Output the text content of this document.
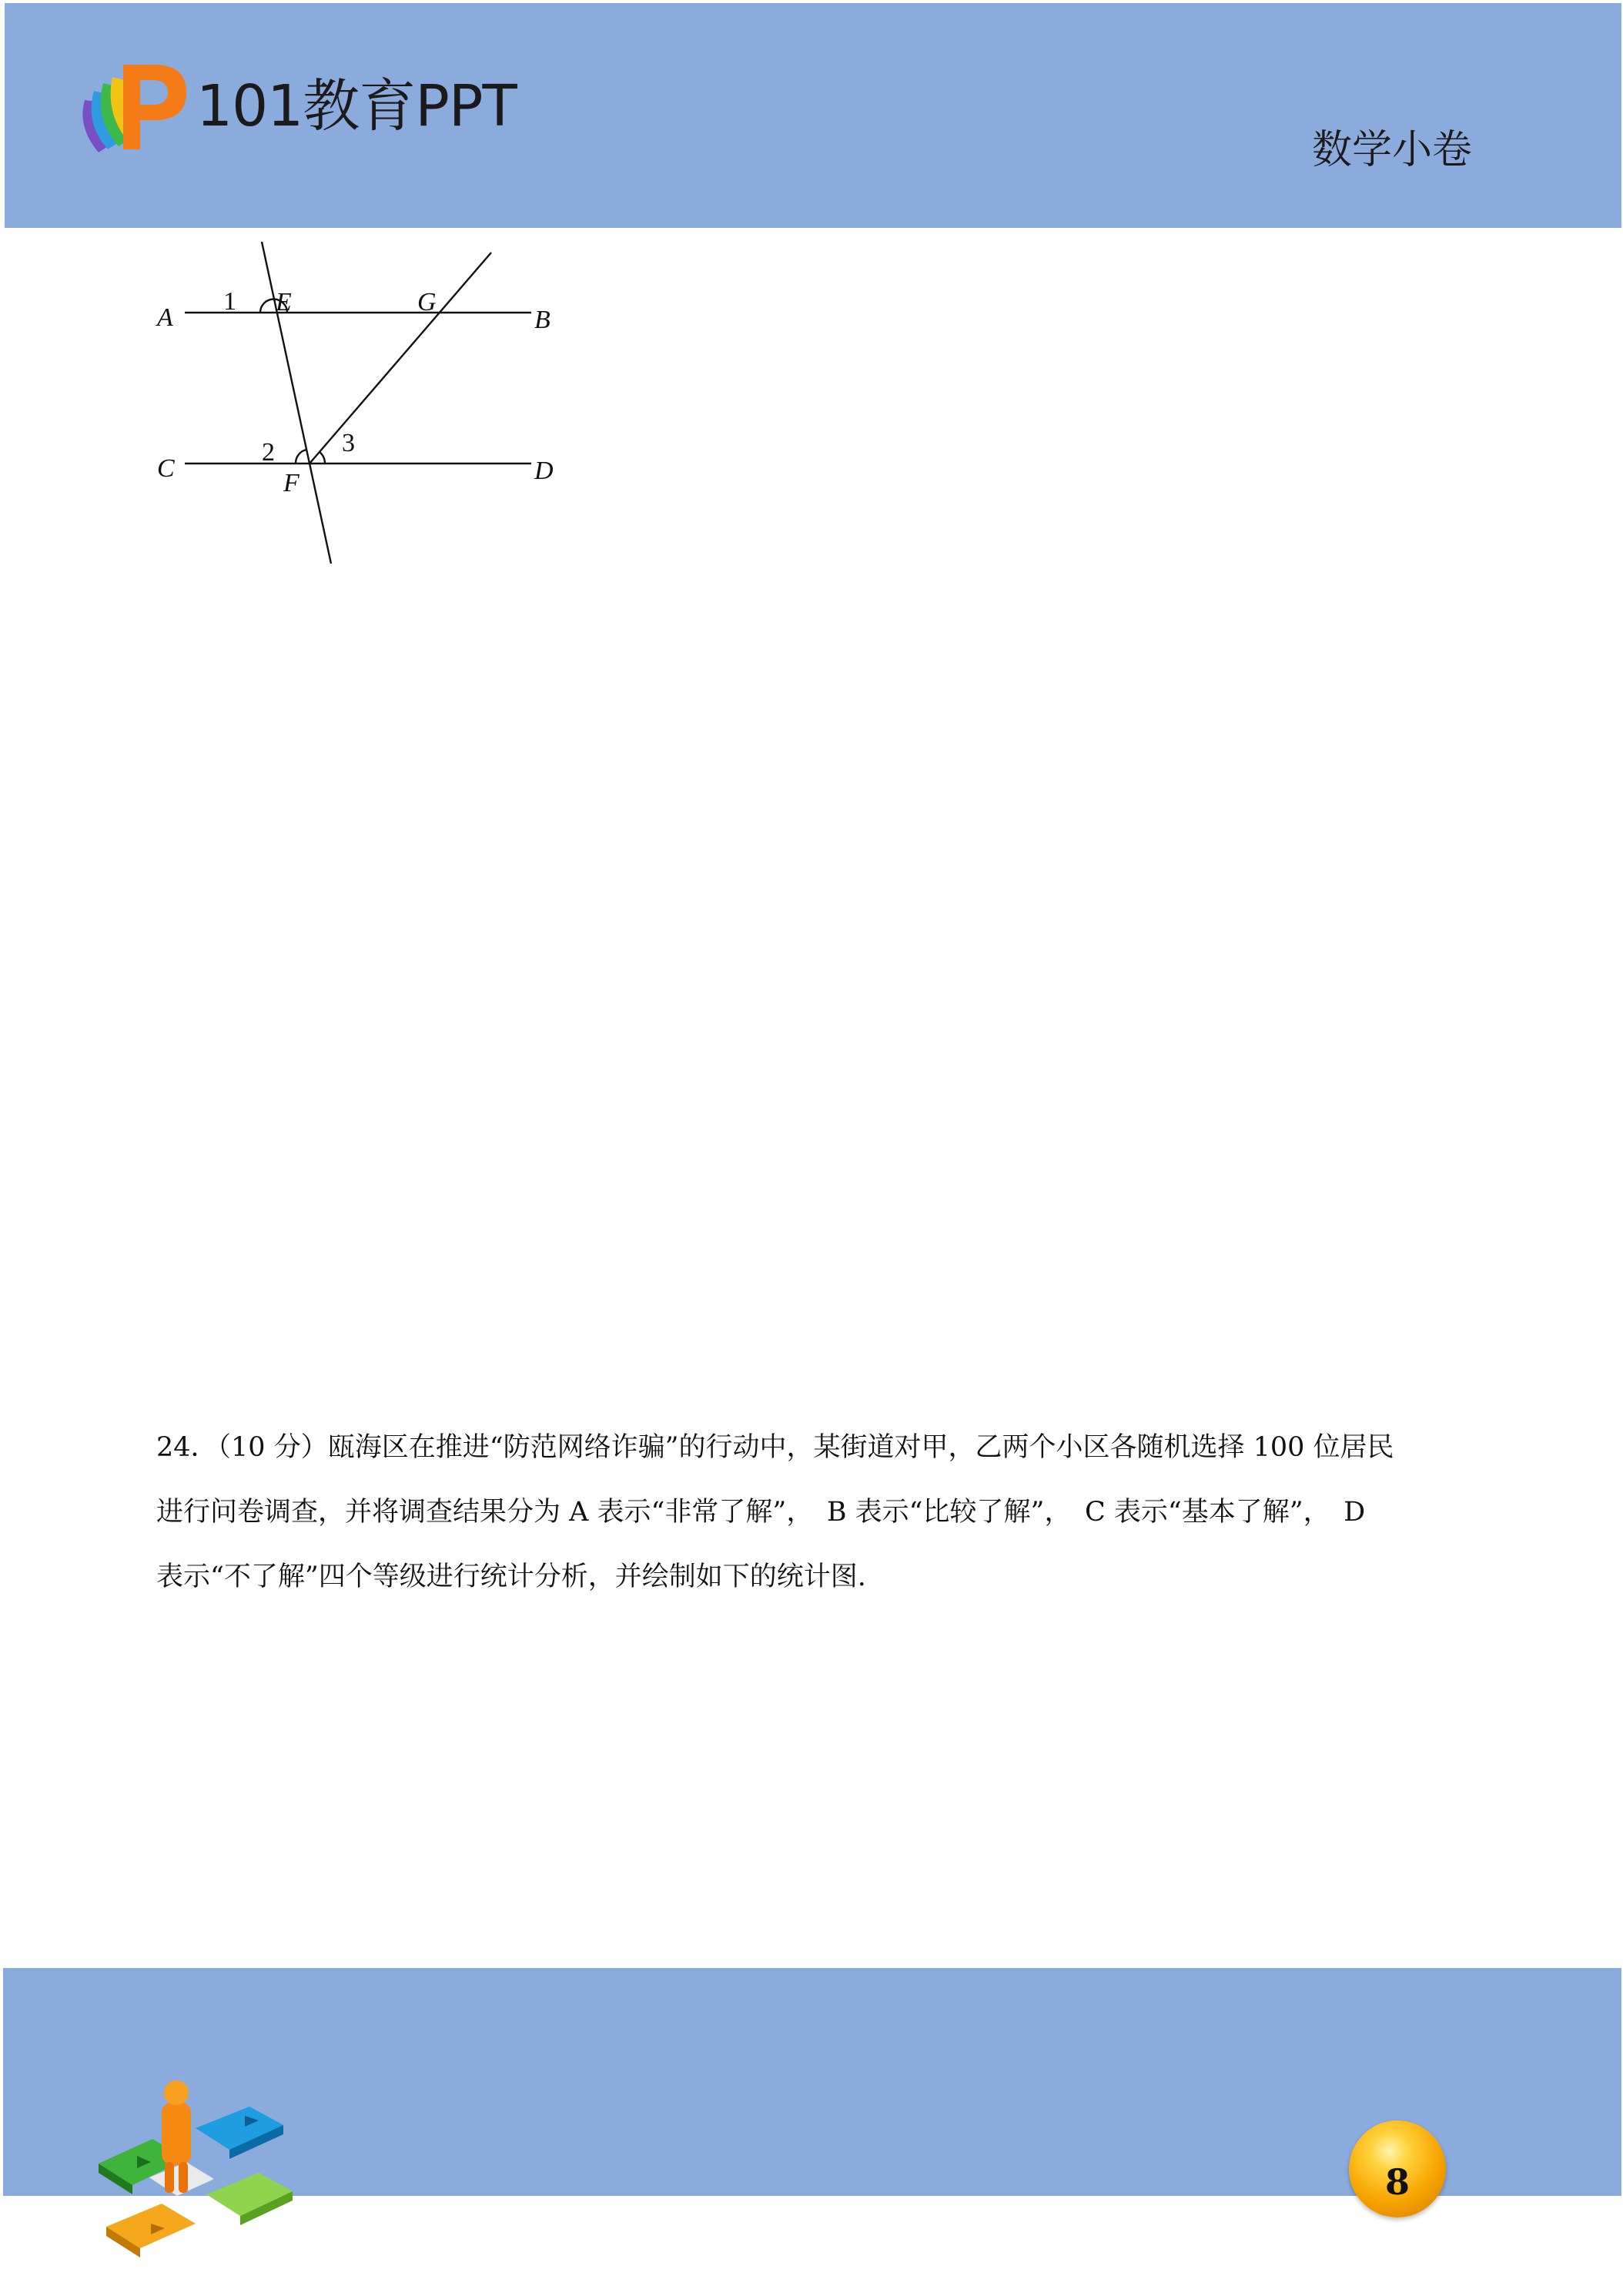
101教育PPT
数学小卷
A	B
C	D
E
F
G
1
2	3

24．（10 分）瓯海区在推进“防范网络诈骗”的行动中，某街道对甲，乙两个小区各随机选择 100 位居民

进行问卷调查，并将调查结果分为 A 表示“非常了解”，　B 表示“比较了解”，　C 表示“基本了解”，　D

表示“不了解”四个等级进行统计分析，并绘制如下的统计图.

8
